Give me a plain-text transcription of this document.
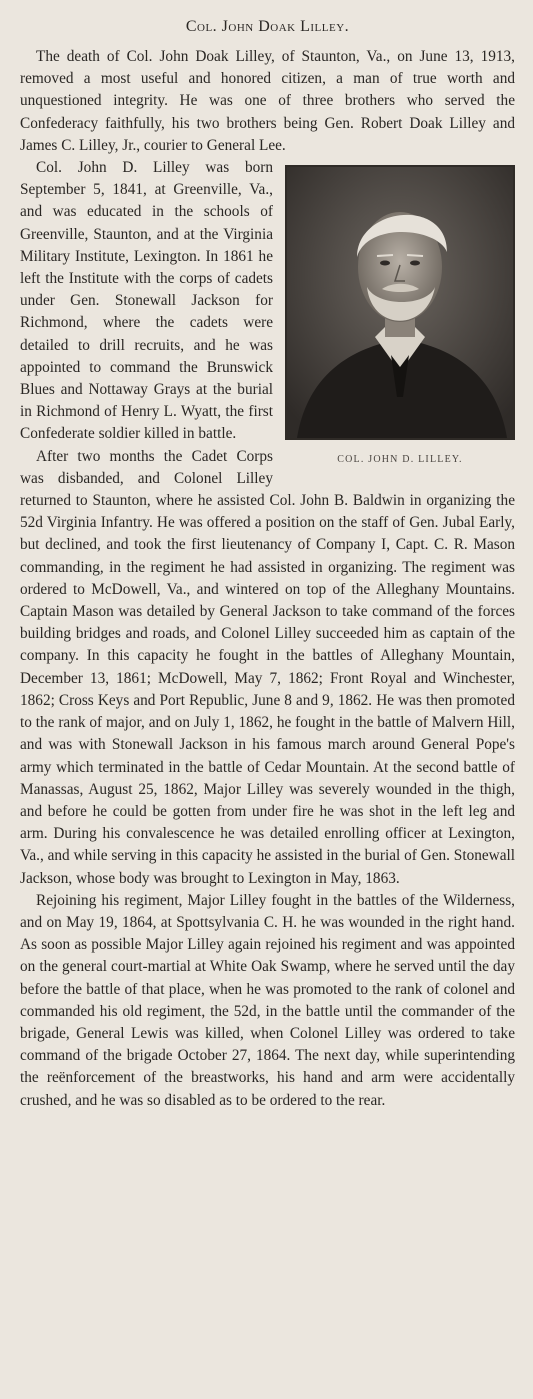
Col. John Doak Lilley.

The death of Col. John Doak Lilley, of Staunton, Va., on June 13, 1913, removed a most useful and honored citizen, a man of true worth and unquestioned integrity. He was one of three brothers who served the Confederacy faithfully, his two brothers being Gen. Robert Doak Lilley and James C. Lilley, Jr., courier to General Lee.

COL. JOHN D. LILLEY.

Col. John D. Lilley was born September 5, 1841, at Greenville, Va., and was educated in the schools of Greenville, Staunton, and at the Virginia Military Institute, Lexington. In 1861 he left the Institute with the corps of cadets under Gen. Stonewall Jackson for Richmond, where the cadets were detailed to drill recruits, and he was appointed to command the Brunswick Blues and Nottaway Grays at the burial in Richmond of Henry L. Wyatt, the first Confederate soldier killed in battle.

After two months the Cadet Corps was disbanded, and Colonel Lilley returned to Staunton, where he assisted Col. John B. Baldwin in organizing the 52d Virginia Infantry. He was offered a position on the staff of Gen. Jubal Early, but declined, and took the first lieutenancy of Company I, Capt. C. R. Mason commanding, in the regiment he had assisted in organizing. The regiment was ordered to McDowell, Va., and wintered on top of the Alleghany Mountains. Captain Mason was detailed by General Jackson to take command of the forces building bridges and roads, and Colonel Lilley succeeded him as captain of the company. In this capacity he fought in the battles of Alleghany Mountain, December 13, 1861; McDowell, May 7, 1862; Front Royal and Winchester, 1862; Cross Keys and Port Republic, June 8 and 9, 1862. He was then promoted to the rank of major, and on July 1, 1862, he fought in the battle of Malvern Hill, and was with Stonewall Jackson in his famous march around General Pope's army which terminated in the battle of Cedar Mountain. At the second battle of Manassas, August 25, 1862, Major Lilley was severely wounded in the thigh, and before he could be gotten from under fire he was shot in the left leg and arm. During his convalescence he was detailed enrolling officer at Lexington, Va., and while serving in this capacity he assisted in the burial of Gen. Stonewall Jackson, whose body was brought to Lexington in May, 1863.

Rejoining his regiment, Major Lilley fought in the battles of the Wilderness, and on May 19, 1864, at Spottsylvania C. H. he was wounded in the right hand. As soon as possible Major Lilley again rejoined his regiment and was appointed on the general court-martial at White Oak Swamp, where he served until the day before the battle of that place, when he was promoted to the rank of colonel and commanded his old regiment, the 52d, in the battle until the commander of the brigade, General Lewis was killed, when Colonel Lilley was ordered to take command of the brigade October 27, 1864. The next day, while superintending the reënforcement of the breastworks, his hand and arm were accidentally crushed, and he was so disabled as to be ordered to the rear.
